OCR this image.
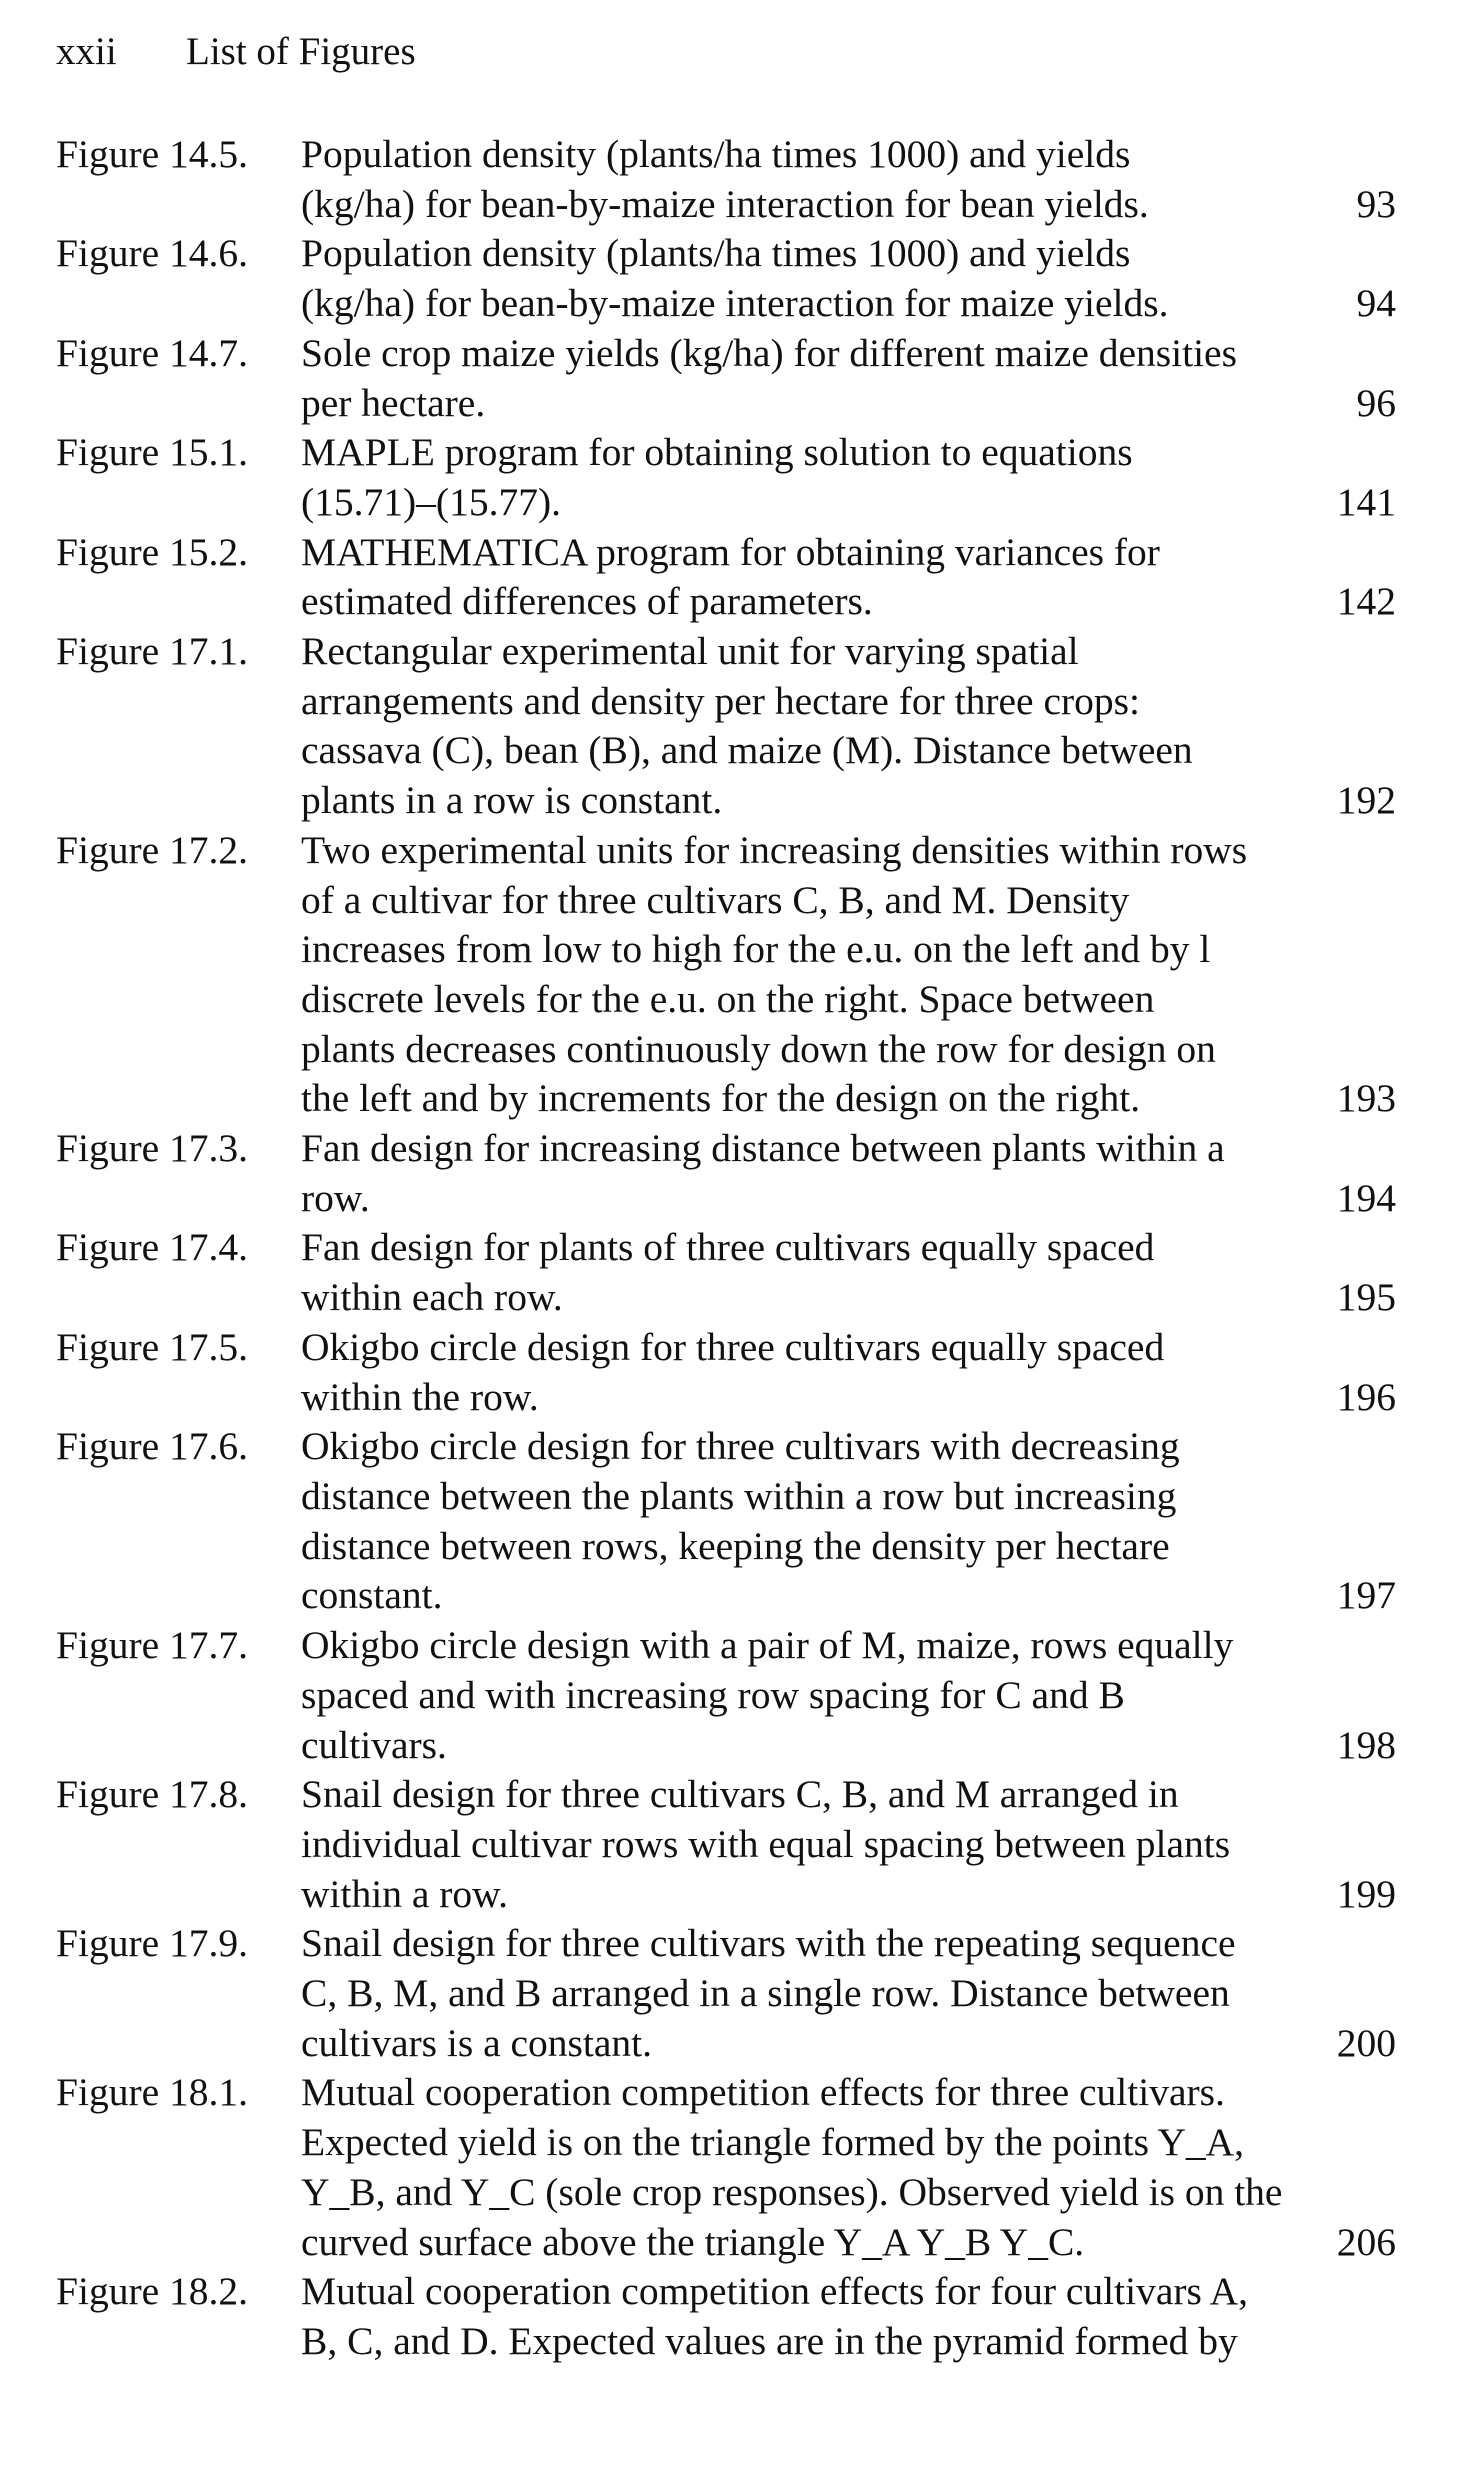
xxii List of Figures
Figure 14.5.	Population density (plants/ha times 1000) and yields
(kg/ha) for bean-by-maize interaction for bean yields.	93
Figure 14.6.	Population density (plants/ha times 1000) and yields
(kg/ha) for bean-by-maize interaction for maize yields.	94
Figure 14.7.	Sole crop maize yields (kg/ha) for different maize densities
per hectare.	96
Figure 15.1.	MAPLE program for obtaining solution to equations
(15.71)–(15.77).	141
Figure 15.2.	MATHEMATICA program for obtaining variances for
estimated differences of parameters.	142
Figure 17.1.	Rectangular experimental unit for varying spatial
arrangements and density per hectare for three crops:
cassava (C), bean (B), and maize (M). Distance between
plants in a row is constant.	192
Figure 17.2.	Two experimental units for increasing densities within rows
of a cultivar for three cultivars C, B, and M. Density
increases from low to high for the e.u. on the left and by l
discrete levels for the e.u. on the right. Space between
plants decreases continuously down the row for design on
the left and by increments for the design on the right.	193
Figure 17.3.	Fan design for increasing distance between plants within a
row.	194
Figure 17.4.	Fan design for plants of three cultivars equally spaced
within each row.	195
Figure 17.5.	Okigbo circle design for three cultivars equally spaced
within the row.	196
Figure 17.6.	Okigbo circle design for three cultivars with decreasing
distance between the plants within a row but increasing
distance between rows, keeping the density per hectare
constant.	197
Figure 17.7.	Okigbo circle design with a pair of M, maize, rows equally
spaced and with increasing row spacing for C and B
cultivars.	198
Figure 17.8.	Snail design for three cultivars C, B, and M arranged in
individual cultivar rows with equal spacing between plants
within a row.	199
Figure 17.9.	Snail design for three cultivars with the repeating sequence
C, B, M, and B arranged in a single row. Distance between
cultivars is a constant.	200
Figure 18.1.	Mutual cooperation competition effects for three cultivars.
Expected yield is on the triangle formed by the points Y_A,
Y_B, and Y_C (sole crop responses). Observed yield is on the
curved surface above the triangle Y_A Y_B Y_C.	206
Figure 18.2.	Mutual cooperation competition effects for four cultivars A,
B, C, and D. Expected values are in the pyramid formed by
